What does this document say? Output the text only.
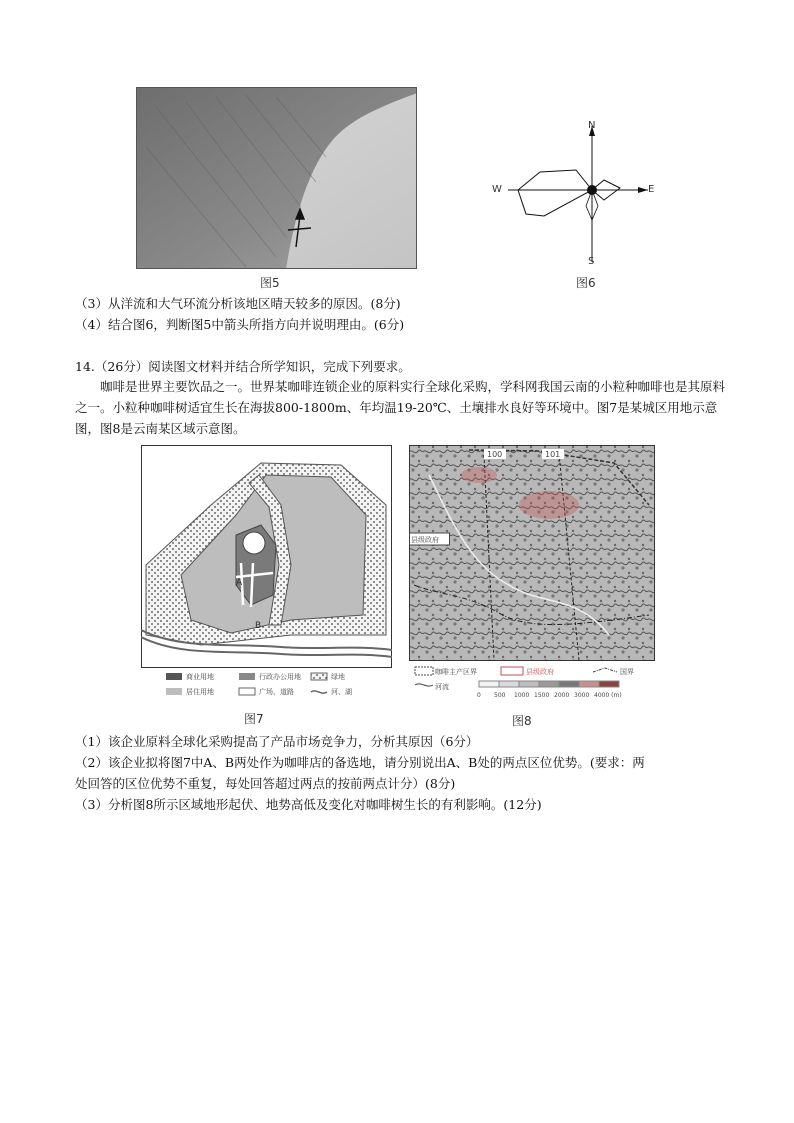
图5
N
S
E
W
图6
（3）从洋流和大气环流分析该地区晴天较多的原因。(8分)
（4）结合图6，判断图5中箭头所指方向并说明理由。(6分)
14.（26分）阅读图文材料并结合所学知识，完成下列要求。
咖啡是世界主要饮品之一。世界某咖啡连锁企业的原料实行全球化采购，学科网我国云南的小粒种咖啡也是其原料之一。小粒种咖啡树适宜生长在海拔800-1800m、年均温19-20℃、土壤排水良好等环境中。图7是某城区用地示意图，图8是云南某区域示意图。
A
B
商业用地	行政办公用地	绿地
居住用地	广场、道路	河、湖
图7
100	101
县级政府
咖啡主产区界	县级政府	国界
河流
0 500 1000 1500 2000 3000 4000 (m)
图8
（1）该企业原料全球化采购提高了产品市场竞争力，分析其原因（6分）
（2）该企业拟将图7中A、B两处作为咖啡店的备选地，请分别说出A、B处的两点区位优势。(要求：两
处回答的区位优势不重复，每处回答超过两点的按前两点计分）(8分)
（3）分析图8所示区域地形起伏、地势高低及变化对咖啡树生长的有利影响。(12分)
